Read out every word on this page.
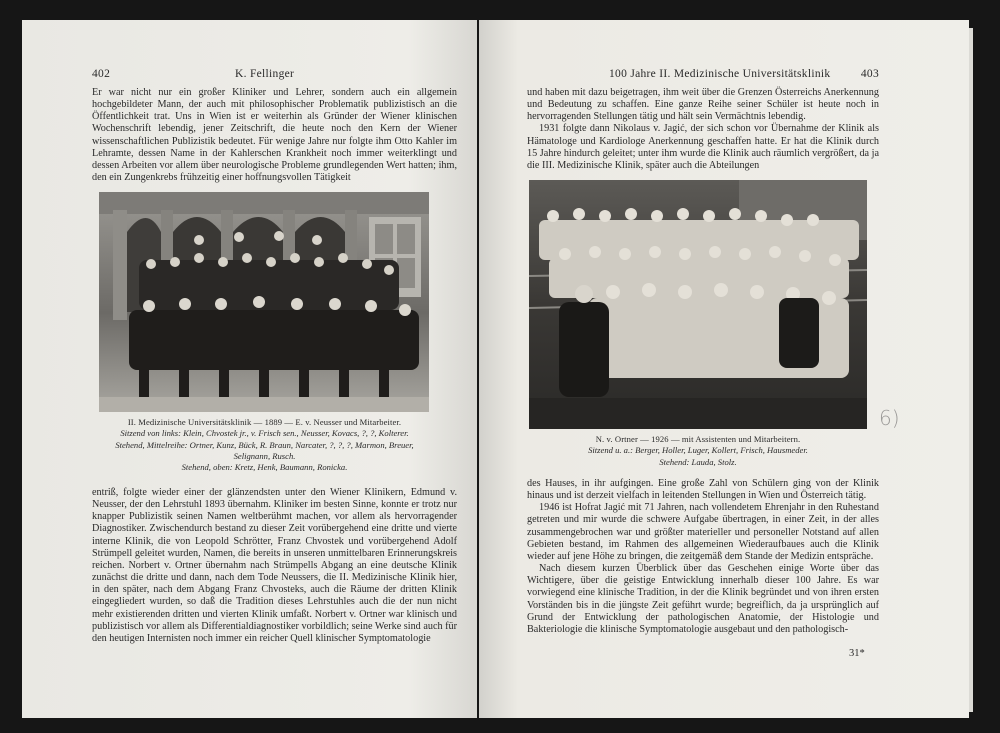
402	K. Fellinger

Er war nicht nur ein großer Kliniker und Lehrer, sondern auch ein allgemein hochgebildeter Mann, der auch mit philosophischer Problematik publizistisch an die Öffentlichkeit trat. Uns in Wien ist er weiterhin als Gründer der Wiener klinischen Wochenschrift lebendig, jener Zeitschrift, die heute noch den Kern der Wiener wissenschaftlichen Publizistik bedeutet. Für wenige Jahre nur folgte ihm Otto Kahler im Lehramte, dessen Name in der Kahlerschen Krankheit noch immer weiterklingt und dessen Arbeiten vor allem über neurologische Probleme grundlegenden Wert hatten; ihm, den ein Zungenkrebs frühzeitig einer hoffnungsvollen Tätigkeit

II. Medizinische Universitätsklinik — 1889 — E. v. Neusser und Mitarbeiter.
Sitzend von links: Klein, Chvostek jr., v. Frisch sen., Neusser, Kovacs, ?, ?, Kolterer.
Stehend, Mittelreihe: Ortner, Kunz, Bück, R. Braun, Narcater, ?, ?, ?, Marmon, Breuer,
Selignann, Rusch.
Stehend, oben: Kretz, Henk, Baumann, Ronicka.

entriß, folgte wieder einer der glänzendsten unter den Wiener Klinikern, Edmund v. Neusser, der den Lehrstuhl 1893 übernahm. Kliniker im besten Sinne, konnte er trotz nur knapper Publizistik seinen Namen weltberühmt machen, vor allem als hervorragender Diagnostiker. Zwischendurch bestand zu dieser Zeit vorübergehend eine dritte und vierte interne Klinik, die von Leopold Schrötter, Franz Chvostek und vorübergehend Adolf Strümpell geleitet wurden, Namen, die bereits in unseren unmittelbaren Erinnerungskreis reichen. Norbert v. Ortner übernahm nach Strümpells Abgang an eine deutsche Klinik zunächst die dritte und dann, nach dem Tode Neussers, die II. Medizinische Klinik hier, in den später, nach dem Abgang Franz Chvosteks, auch die Räume der dritten Klinik eingegliedert wurden, so daß die Tradition dieses Lehrstuhles auch die der nun nicht mehr existierenden dritten und vierten Klinik umfaßt. Norbert v. Ortner war klinisch und publizistisch vor allem als Differentialdiagnostiker vorbildlich; seine Werke sind auch für den heutigen Internisten noch immer ein reicher Quell klinischer Symptomatologie

100 Jahre II. Medizinische Universitätsklinik	403

und haben mit dazu beigetragen, ihm weit über die Grenzen Österreichs Anerkennung und Bedeutung zu schaffen. Eine ganze Reihe seiner Schüler ist heute noch in hervorragenden Stellungen tätig und hält sein Vermächtnis lebendig.

1931 folgte dann Nikolaus v. Jagić, der sich schon vor Übernahme der Klinik als Hämatologe und Kardiologe Anerkennung geschaffen hatte. Er hat die Klinik durch 15 Jahre hindurch geleitet; unter ihm wurde die Klinik auch räumlich vergrößert, da ja die III. Medizinische Klinik, später auch die Abteilungen

6)
N. v. Ortner — 1926 — mit Assistenten und Mitarbeitern.
Sitzend u. a.: Berger, Holler, Luger, Kollert, Frisch, Hausmeder.
Stehend: Lauda, Stolz.

des Hauses, in ihr aufgingen. Eine große Zahl von Schülern ging von der Klinik hinaus und ist derzeit vielfach in leitenden Stellungen in Wien und Österreich tätig.

1946 ist Hofrat Jagić mit 71 Jahren, nach vollendetem Ehrenjahr in den Ruhestand getreten und mir wurde die schwere Aufgabe übertragen, in einer Zeit, in der alles zusammengebrochen war und größter materieller und personeller Notstand auf allen Gebieten bestand, im Rahmen des allgemeinen Wiederaufbaues auch die Klinik wieder auf jene Höhe zu bringen, die zeitgemäß dem Stande der Medizin entspräche.

Nach diesem kurzen Überblick über das Geschehen einige Worte über das Wichtigere, über die geistige Entwicklung innerhalb dieser 100 Jahre. Es war vorwiegend eine klinische Tradition, in der die Klinik begründet und von ihren ersten Vorständen bis in die jüngste Zeit geführt wurde; begreiflich, da ja ursprünglich auf Grund der Entwicklung der pathologischen Anatomie, der Histologie und Bakteriologie die klinische Symptomatologie ausgebaut und den pathologisch-

31*
